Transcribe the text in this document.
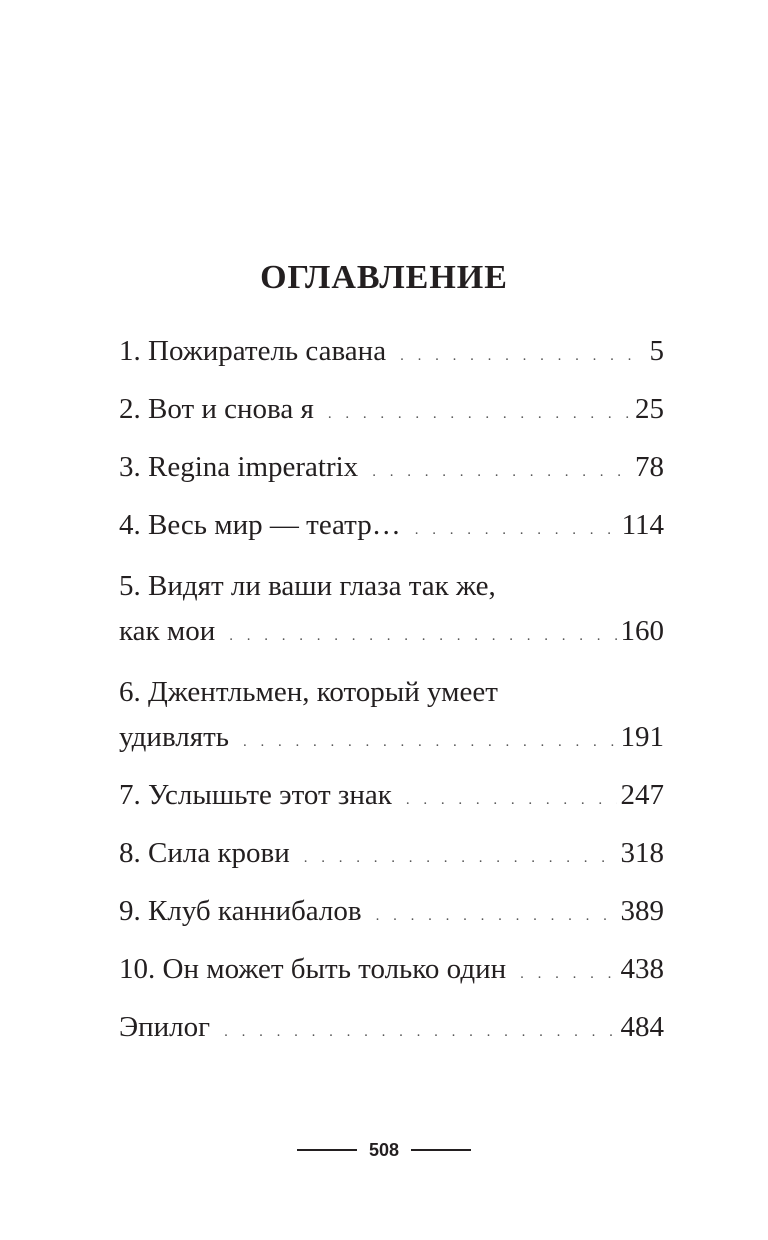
ОГЛАВЛЕНИЕ
1. Пожиратель савана . . .	5
2. Вот и снова я . . .	25
3. Regina imperatrix . . .	78
4. Весь мир — театр… . . .	114
5. Видят ли ваши глаза так же,
как мои . . .	160
6. Джентльмен, который умеет
удивлять . . .	191
7. Услышьте этот знак . . .	247
8. Сила крови . . .	318
9. Клуб каннибалов . . .	389
10. Он может быть только один . . .	438
Эпилог . . .	484
508
